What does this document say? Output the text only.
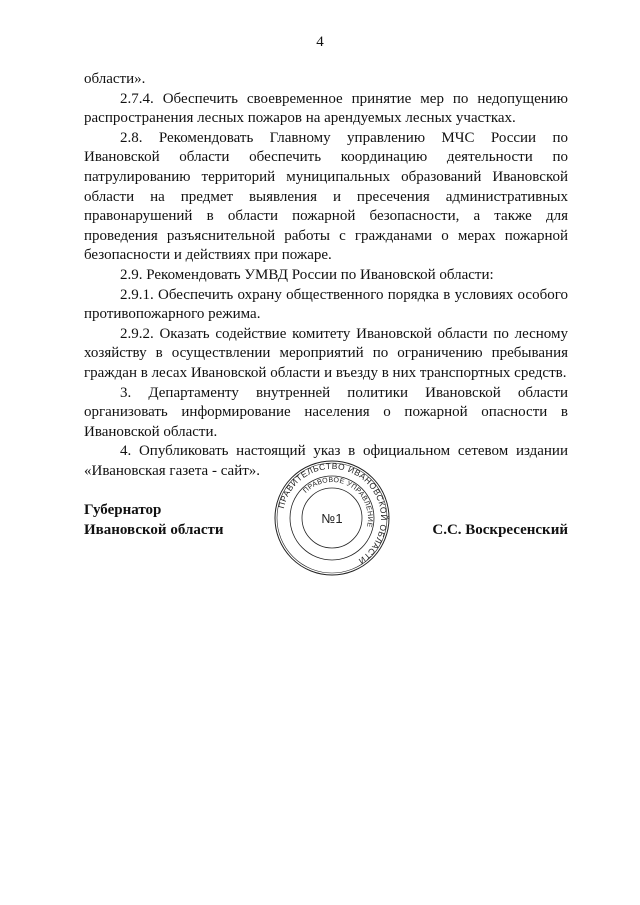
4

области».

2.7.4. Обеспечить своевременное принятие мер по недопущению распространения лесных пожаров на арендуемых лесных участках.

2.8. Рекомендовать Главному управлению МЧС России по Ивановской области обеспечить координацию деятельности по патрулированию территорий муниципальных образований Ивановской области на предмет выявления и пресечения административных правонарушений в области пожарной безопасности, а также для проведения разъяснительной работы с гражданами о мерах пожарной безопасности и действиях при пожаре.

2.9. Рекомендовать УМВД России по Ивановской области:

2.9.1. Обеспечить охрану общественного порядка в условиях особого противопожарного режима.

2.9.2. Оказать содействие комитету Ивановской области по лесному хозяйству в осуществлении мероприятий по ограничению пребывания граждан в лесах Ивановской области и въезду в них транспортных средств.

3. Департаменту внутренней политики Ивановской области организовать информирование населения о пожарной опасности в Ивановской области.

4. Опубликовать настоящий указ в официальном сетевом издании «Ивановская газета - сайт».

Губернатор
Ивановской области
ПРАВИТЕЛЬСТВО ИВАНОВСКОЙ ОБЛАСТИ
ПРАВОВОЕ УПРАВЛЕНИЕ
№1
С.С. Воскресенский
